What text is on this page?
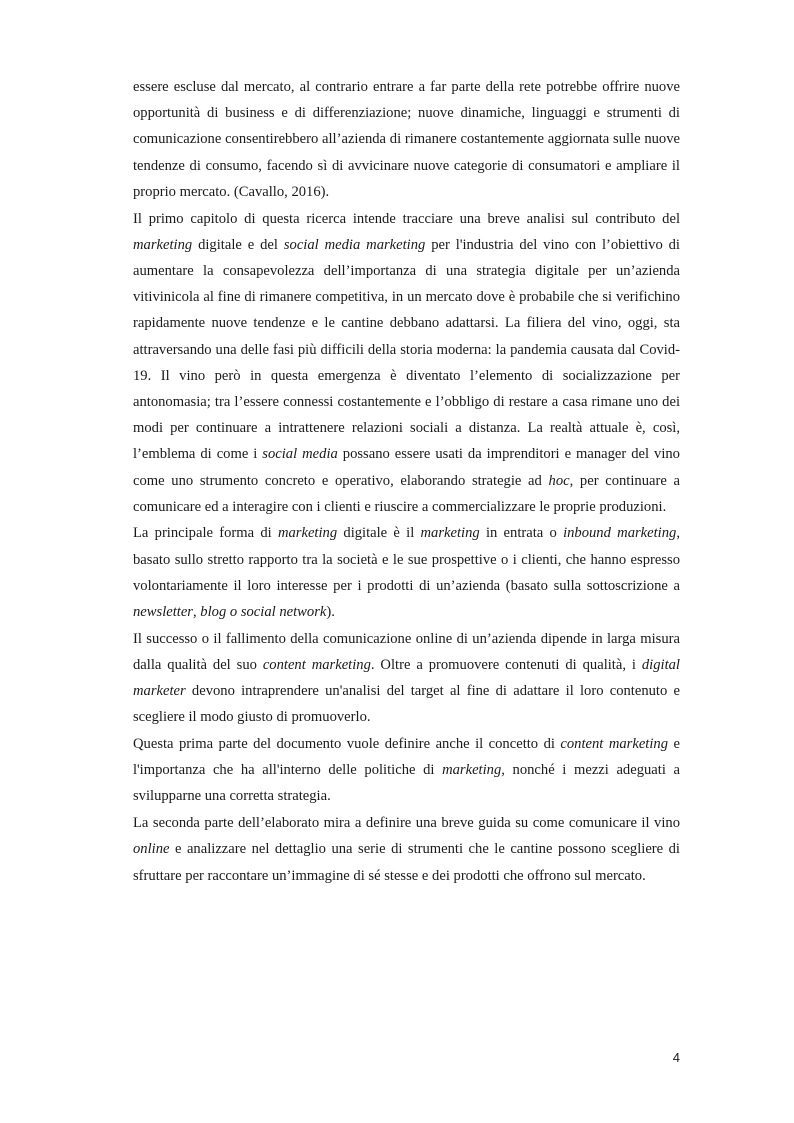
essere escluse dal mercato, al contrario entrare a far parte della rete potrebbe offrire nuove opportunità di business e di differenziazione; nuove dinamiche, linguaggi e strumenti di comunicazione consentirebbero all’azienda di rimanere costantemente aggiornata sulle nuove tendenze di consumo, facendo sì di avvicinare nuove categorie di consumatori e ampliare il proprio mercato. (Cavallo, 2016).

Il primo capitolo di questa ricerca intende tracciare una breve analisi sul contributo del marketing digitale e del social media marketing per l'industria del vino con l’obiettivo di aumentare la consapevolezza dell’importanza di una strategia digitale per un’azienda vitivinicola al fine di rimanere competitiva, in un mercato dove è probabile che si verifichino rapidamente nuove tendenze e le cantine debbano adattarsi. La filiera del vino, oggi, sta attraversando una delle fasi più difficili della storia moderna: la pandemia causata dal Covid-19. Il vino però in questa emergenza è diventato l’elemento di socializzazione per antonomasia; tra l’essere connessi costantemente e l’obbligo di restare a casa rimane uno dei modi per continuare a intrattenere relazioni sociali a distanza. La realtà attuale è, così, l’emblema di come i social media possano essere usati da imprenditori e manager del vino come uno strumento concreto e operativo, elaborando strategie ad hoc, per continuare a comunicare ed a interagire con i clienti e riuscire a commercializzare le proprie produzioni.

La principale forma di marketing digitale è il marketing in entrata o inbound marketing, basato sullo stretto rapporto tra la società e le sue prospettive o i clienti, che hanno espresso volontariamente il loro interesse per i prodotti di un’azienda (basato sulla sottoscrizione a newsletter, blog o social network).

Il successo o il fallimento della comunicazione online di un’azienda dipende in larga misura dalla qualità del suo content marketing. Oltre a promuovere contenuti di qualità, i digital marketer devono intraprendere un'analisi del target al fine di adattare il loro contenuto e scegliere il modo giusto di promuoverlo.

Questa prima parte del documento vuole definire anche il concetto di content marketing e l'importanza che ha all'interno delle politiche di marketing, nonché i mezzi adeguati a svilupparne una corretta strategia.

La seconda parte dell’elaborato mira a definire una breve guida su come comunicare il vino online e analizzare nel dettaglio una serie di strumenti che le cantine possono scegliere di sfruttare per raccontare un’immagine di sé stesse e dei prodotti che offrono sul mercato.

4
